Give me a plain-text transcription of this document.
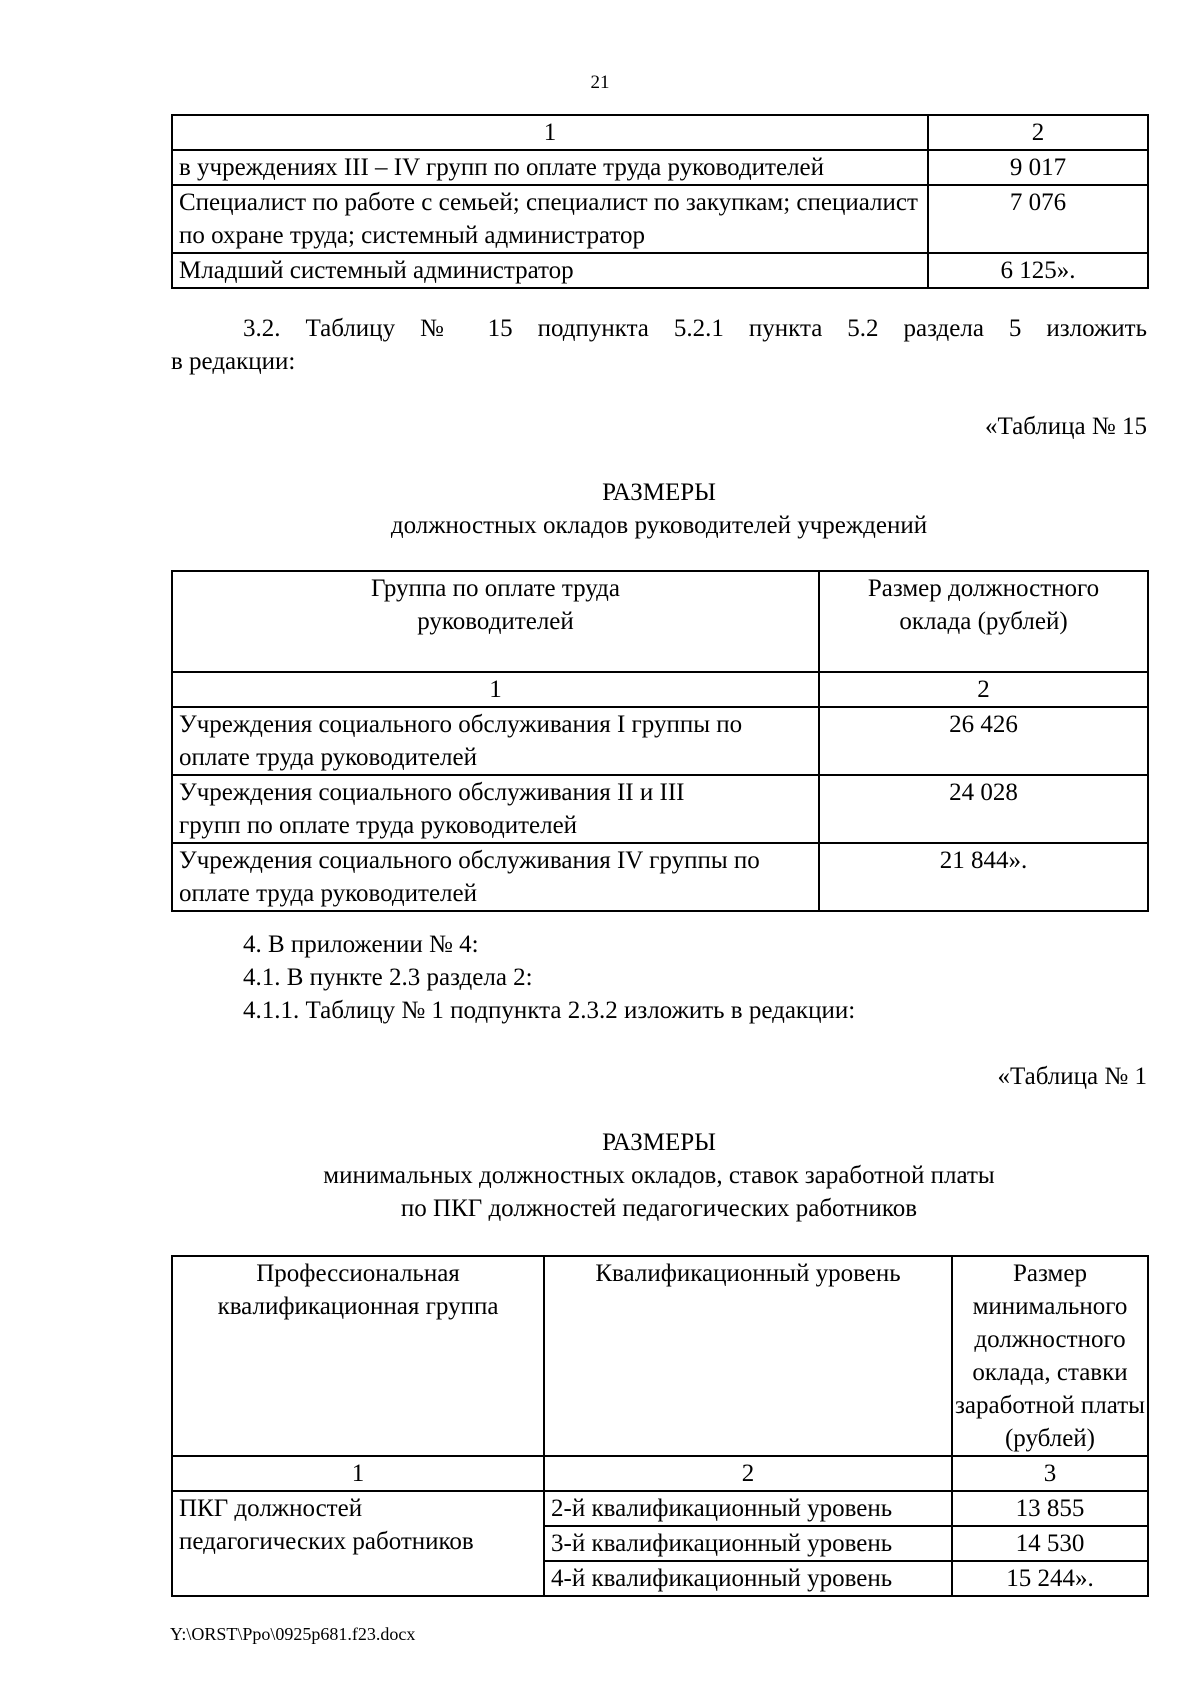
21
1	2
в учреждениях III – IV групп по оплате труда руководителей	9 017
Специалист по работе с семьей; специалист по закупкам; специалист по охране труда; системный администратор	7 076
Младший системный администратор	6 125».
3.2. Таблицу № 15 подпункта 5.2.1 пункта 5.2 раздела 5 изложить
в редакции:
«Таблица № 15
РАЗМЕРЫ
должностных окладов руководителей учреждений
Группа по оплате труда руководителей	Размер должностного оклада (рублей)

1	2

Учреждения социального обслуживания I группы по оплате труда руководителей	26 426

Учреждения социального обслуживания II и III групп по оплате труда руководителей	24 028

Учреждения социального обслуживания IV группы по оплате труда руководителей	21 844».
4. В приложении № 4:
4.1. В пункте 2.3 раздела 2:
4.1.1. Таблицу № 1 подпункта 2.3.2 изложить в редакции:
«Таблица № 1
РАЗМЕРЫ
минимальных должностных окладов, ставок заработной платы
по ПКГ должностей педагогических работников
Профессиональная квалификационная группа	Квалификационный уровень	Размер минимального должностного оклада, ставки заработной платы (рублей)
1	2	3

ПКГ должностей педагогических работников	2-й квалификационный уровень	13 855
	3-й квалификационный уровень	14 530
	4-й квалификационный уровень	15 244».
Y:\ORST\Ppo\0925p681.f23.docx
